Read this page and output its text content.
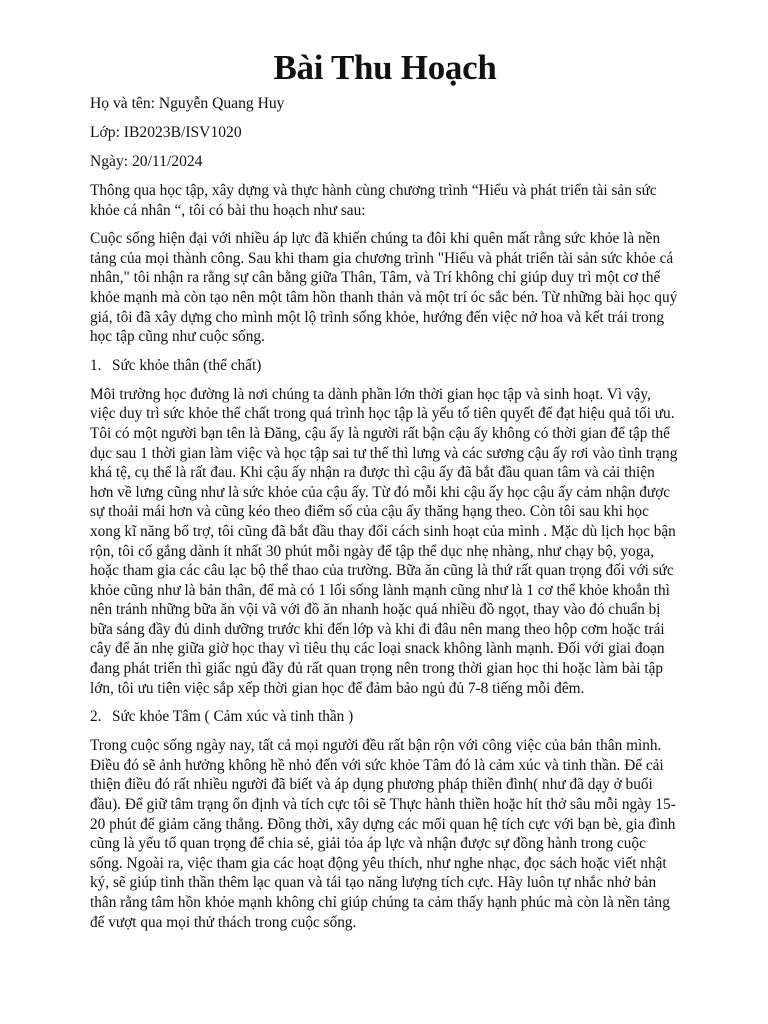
Bài Thu Hoạch

Họ và tên: Nguyễn Quang Huy

Lớp: IB2023B/ISV1020

Ngày: 20/11/2024

Thông qua học tập, xây dựng và thực hành cùng chương trình “Hiểu và phát triển tài sản sức khỏe cá nhân “, tôi có bài thu hoạch như sau:

Cuộc sống hiện đại với nhiều áp lực đã khiến chúng ta đôi khi quên mất rằng sức khỏe là nền tảng của mọi thành công. Sau khi tham gia chương trình "Hiểu và phát triển tài sản sức khỏe cá nhân," tôi nhận ra rằng sự cân bằng giữa Thân, Tâm, và Trí không chỉ giúp duy trì một cơ thể khỏe mạnh mà còn tạo nên một tâm hồn thanh thản và một trí óc sắc bén. Từ những bài học quý giá, tôi đã xây dựng cho mình một lộ trình sống khỏe, hướng đến việc nở hoa và kết trái trong học tập cũng như cuộc sống.

1. Sức khỏe thân (thể chất)

Môi trường học đường là nơi chúng ta dành phần lớn thời gian học tập và sinh hoạt. Vì vậy, việc duy trì sức khỏe thể chất trong quá trình học tập là yếu tố tiên quyết để đạt hiệu quả tối ưu. Tôi có một người bạn tên là Đăng, cậu ấy là người rất bận cậu ấy không có thời gian để tập thể dục sau 1 thời gian làm việc và học tập sai tư thế thì lưng và các sương cậu ấy rơi vào tình trạng khá tệ, cụ thể là rất đau. Khi cậu ấy nhận ra được thì cậu ấy đã bắt đầu quan tâm và cải thiện hơn về lưng cũng như là sức khỏe của cậu ấy. Từ đó mỗi khi cậu ấy học cậu ấy cảm nhận được sự thoải mái hơn và cũng kéo theo điểm số của cậu ấy thăng hạng theo. Còn tôi sau khi học xong kĩ năng bổ trợ, tôi cũng đã bắt đầu thay đổi cách sinh hoạt của mình . Mặc dù lịch học bận rộn, tôi cố gắng dành ít nhất 30 phút mỗi ngày để tập thể dục nhẹ nhàng, như chạy bộ, yoga, hoặc tham gia các câu lạc bộ thể thao của trường. Bữa ăn cũng là thứ rất quan trọng đối với sức khỏe cũng như là bản thân, để mà có 1 lối sống lành mạnh cũng như là 1 cơ thể khỏe khoắn thì nên tránh những bữa ăn vội vã với đồ ăn nhanh hoặc quá nhiều đồ ngọt, thay vào đó chuẩn bị bữa sáng đầy đủ dinh dưỡng trước khi đến lớp và khi đi đâu nên mang theo hộp cơm hoặc trái cây để ăn nhẹ giữa giờ học thay vì tiêu thụ các loại snack không lành mạnh. Đối với giai đoạn đang phát triển thì giấc ngủ đầy đủ rất quan trọng nên trong thời gian học thi hoặc làm bài tập lớn, tôi ưu tiên việc sắp xếp thời gian học để đảm bảo ngủ đủ 7-8 tiếng mỗi đêm.

2. Sức khỏe Tâm ( Cảm xúc và tinh thần )

Trong cuộc sống ngày nay, tất cả mọi người đều rất bận rộn với công việc của bản thân mình. Điều đó sẽ ảnh hưởng không hề nhỏ đến với sức khỏe Tâm đó là cảm xúc và tinh thần. Để cải thiện điều đó rất nhiều người đã biết và áp dụng phương pháp thiền đình( như đã dạy ở buổi đầu). Để giữ tâm trạng ổn định và tích cực tôi sẽ Thực hành thiền hoặc hít thở sâu mỗi ngày 15-20 phút để giảm căng thẳng. Đồng thời, xây dựng các mối quan hệ tích cực với bạn bè, gia đình cũng là yếu tố quan trọng để chia sẻ, giải tỏa áp lực và nhận được sự đồng hành trong cuộc sống. Ngoài ra, việc tham gia các hoạt động yêu thích, như nghe nhạc, đọc sách hoặc viết nhật ký, sẽ giúp tinh thần thêm lạc quan và tái tạo năng lượng tích cực. Hãy luôn tự nhắc nhở bản thân rằng tâm hồn khỏe mạnh không chỉ giúp chúng ta cảm thấy hạnh phúc mà còn là nền tảng để vượt qua mọi thử thách trong cuộc sống.
